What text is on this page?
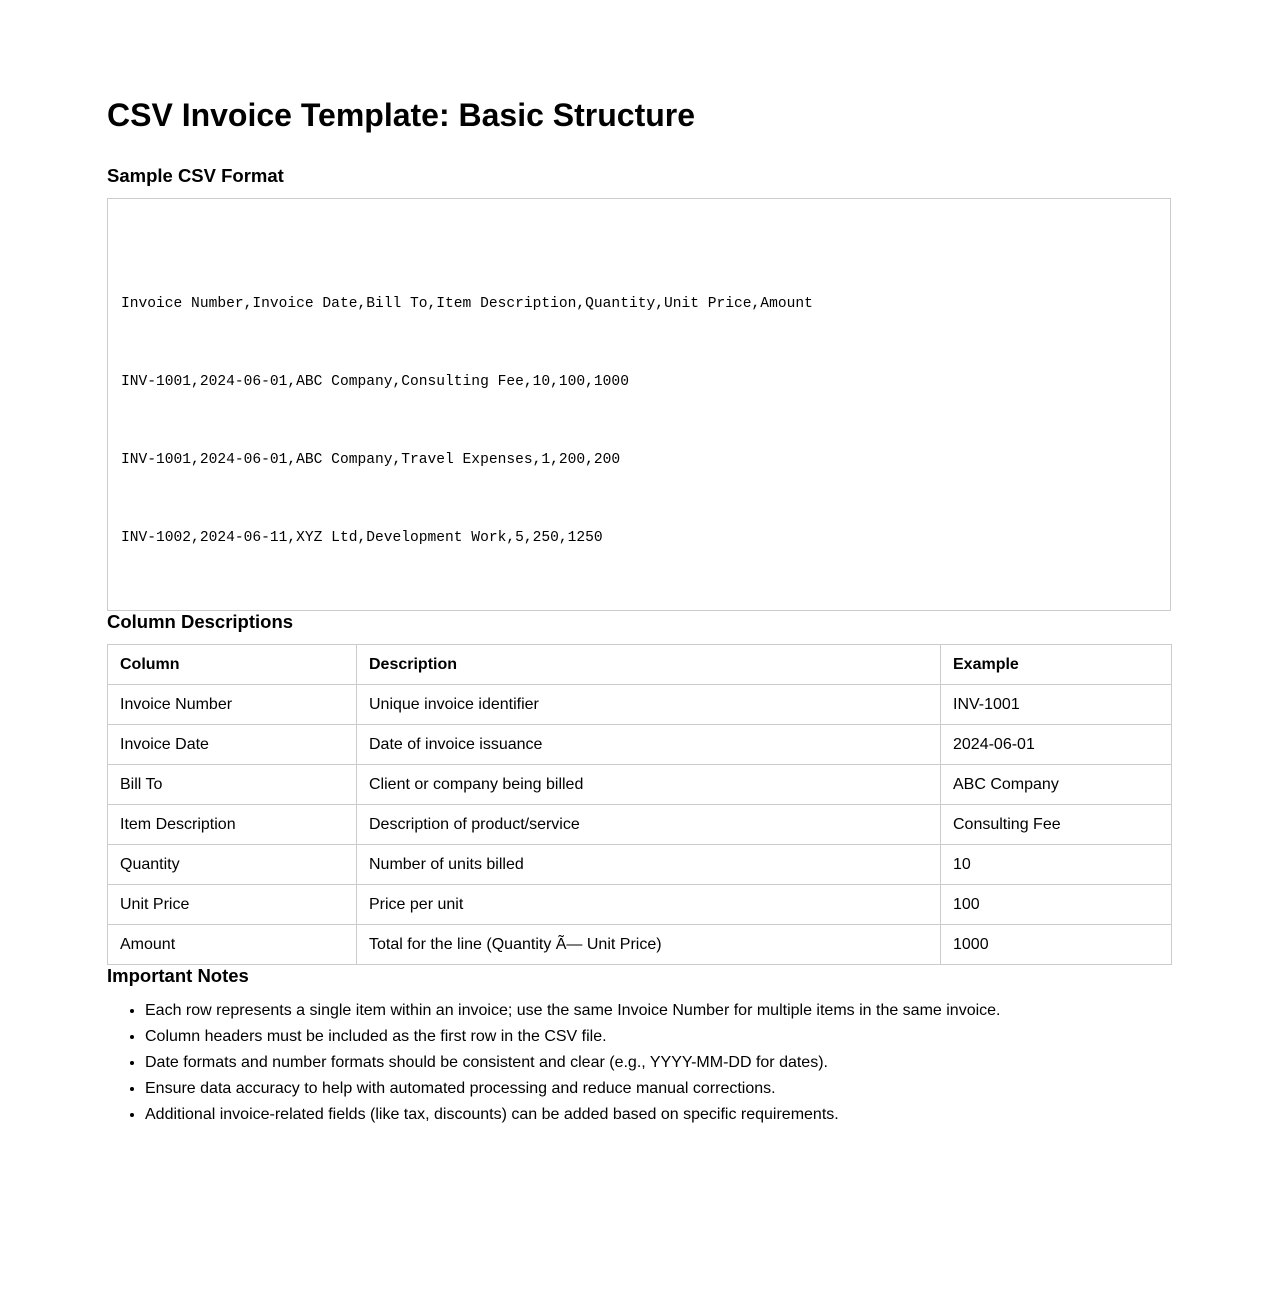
CSV Invoice Template: Basic Structure
Sample CSV Format

Invoice Number,Invoice Date,Bill To,Item Description,Quantity,Unit Price,Amount

INV-1001,2024-06-01,ABC Company,Consulting Fee,10,100,1000

INV-1001,2024-06-01,ABC Company,Travel Expenses,1,200,200

INV-1002,2024-06-11,XYZ Ltd,Development Work,5,250,1250

Column Descriptions
Column	Description	Example
Invoice Number	Unique invoice identifier	INV-1001
Invoice Date	Date of invoice issuance	2024-06-01
Bill To	Client or company being billed	ABC Company
Item Description	Description of product/service	Consulting Fee
Quantity	Number of units billed	10
Unit Price	Price per unit	100
Amount	Total for the line (Quantity Ã— Unit Price)	1000
Important Notes
• Each row represents a single item within an invoice; use the same Invoice Number for multiple items in the same invoice.
• Column headers must be included as the first row in the CSV file.
• Date formats and number formats should be consistent and clear (e.g., YYYY-MM-DD for dates).
• Ensure data accuracy to help with automated processing and reduce manual corrections.
• Additional invoice-related fields (like tax, discounts) can be added based on specific requirements.
